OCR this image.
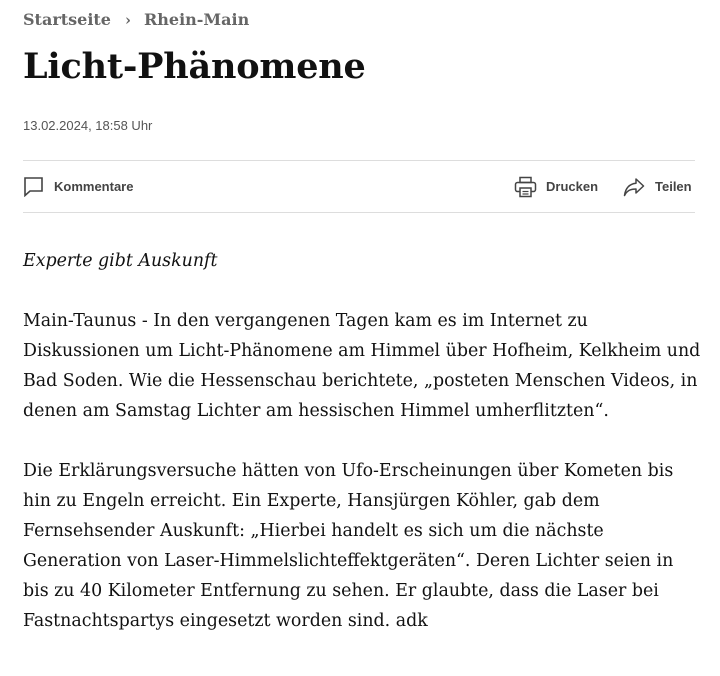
Startseite › Rhein-Main
Licht-Phänomene
13.02.2024, 18:58 Uhr
Kommentare	Drucken	Teilen

Experte gibt Auskunft

Main-Taunus - In den vergangenen Tagen kam es im Internet zu Diskussionen um Licht-Phänomene am Himmel über Hofheim, Kelkheim und Bad Soden. Wie die Hessenschau berichtete, „posteten Menschen Videos, in denen am Samstag Lichter am hessischen Himmel umherflitzten“.

Die Erklärungsversuche hätten von Ufo-Erscheinungen über Kometen bis hin zu Engeln erreicht. Ein Experte, Hansjürgen Köhler, gab dem Fernsehsender Auskunft: „Hierbei handelt es sich um die nächste Generation von Laser-Himmelslichteffektgeräten“. Deren Lichter seien in bis zu 40 Kilometer Entfernung zu sehen. Er glaubte, dass die Laser bei Fastnachtspartys eingesetzt worden sind. adk
